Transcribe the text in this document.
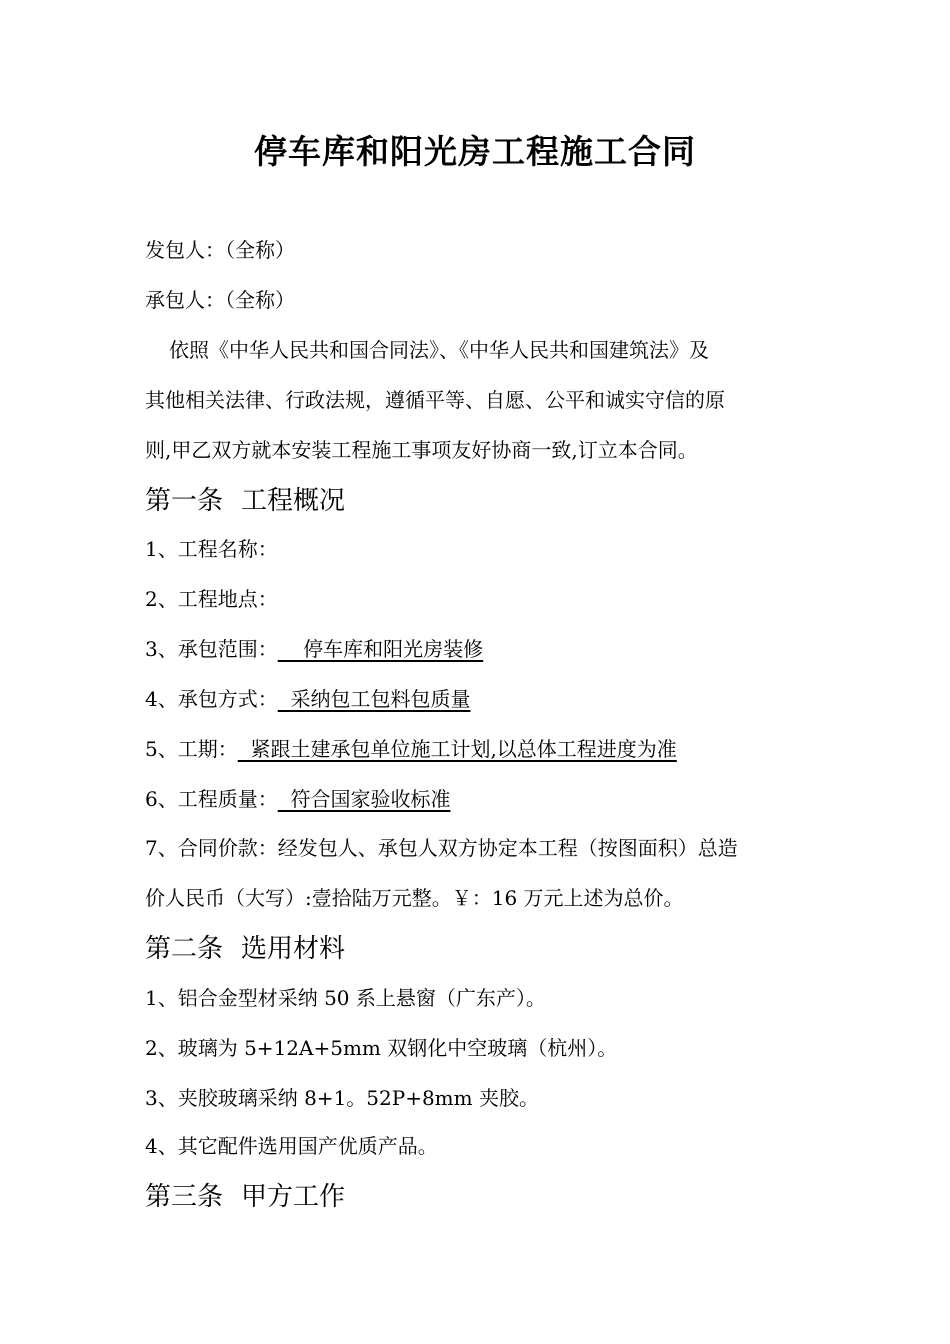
停车库和阳光房工程施工合同
发包人：（全称）
承包人：（全称）
依照《中华人民共和国合同法》、《中华人民共和国建筑法》及
其他相关法律、行政法规，遵循平等、自愿、公平和诚实守信的原
则,甲乙双方就本安装工程施工事项友好协商一致,订立本合同。
第一条 工程概况
1、工程名称：
2、工程地点：
3、承包范围：    停车库和阳光房装修
4、承包方式：  采纳包工包料包质量
5、工期：  紧跟土建承包单位施工计划,以总体工程进度为准
6、工程质量：  符合国家验收标准
7、合同价款：经发包人、承包人双方协定本工程（按图面积）总造
价人民币（大写）:壹拾陆万元整。￥：16 万元上述为总价。
第二条 选用材料
1、铝合金型材采纳 50 系上悬窗（广东产）。
2、玻璃为 5+12A+5mm 双钢化中空玻璃（杭州）。
3、夹胶玻璃采纳 8+1。52P+8mm 夹胶。
4、其它配件选用国产优质产品。
第三条 甲方工作
